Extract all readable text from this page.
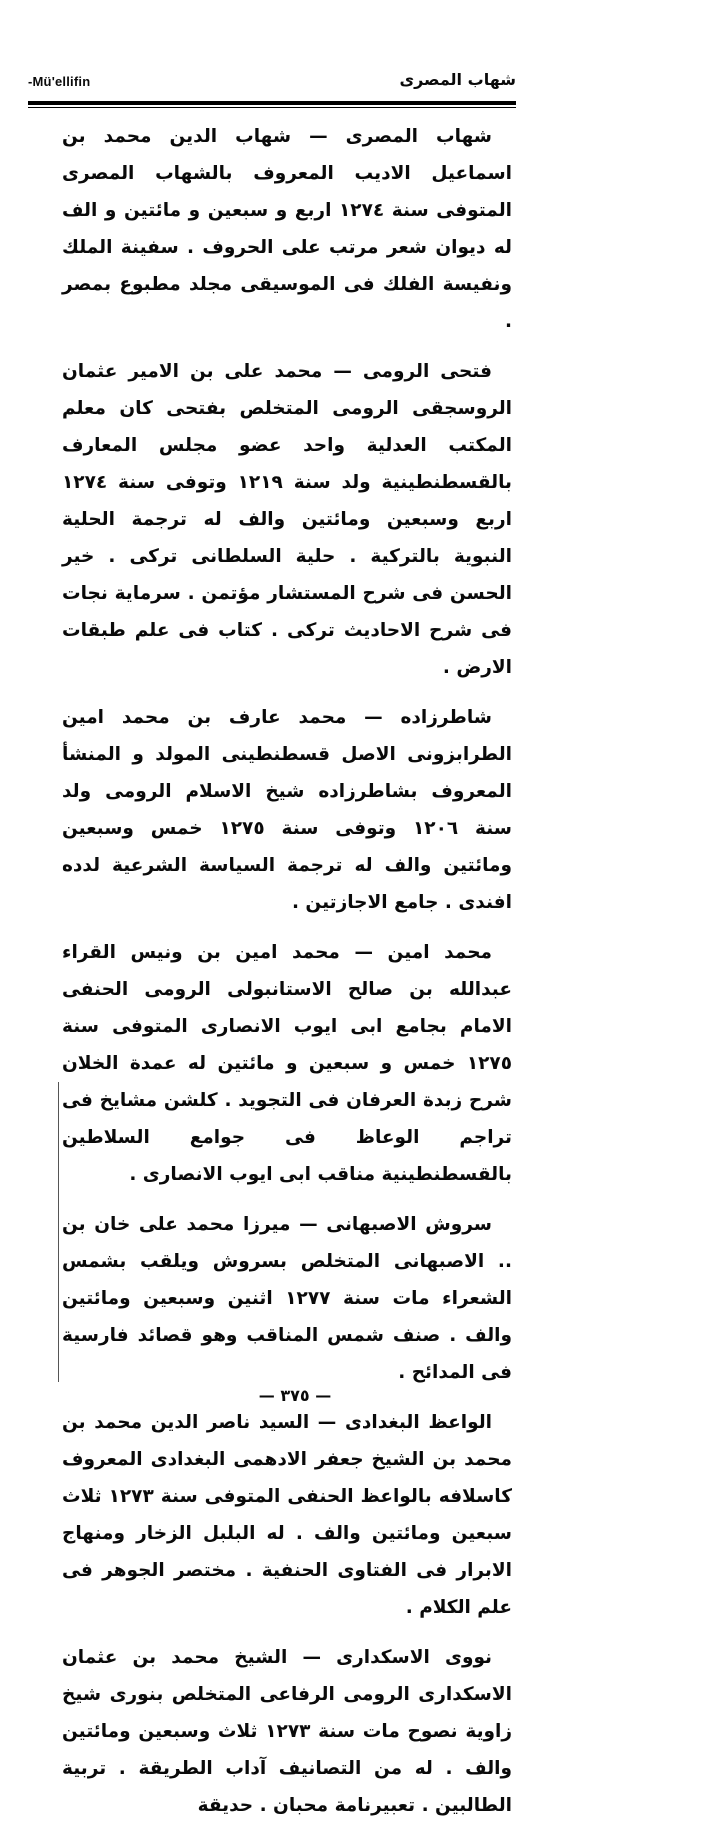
-Mü'ellifin	شهاب المصرى

شهاب المصرى — شهاب الدين محمد بن اسماعيل الاديب المعروف بالشهاب المصرى المتوفى سنة ١٢٧٤ اربع و سبعين و مائتين و الف له ديوان شعر مرتب على الحروف . سفينة الملك ونفيسة الفلك فى الموسيقى مجلد مطبوع بمصر .

فتحى الرومى — محمد على بن الامير عثمان الروسجقى الرومى المتخلص بفتحى كان معلم المكتب العدلية واحد عضو مجلس المعارف بالقسطنطينية ولد سنة ١٢١٩ وتوفى سنة ١٢٧٤ اربع وسبعين ومائتين والف له ترجمة الحلية النبوية بالتركية . حلية السلطانى تركى . خير الحسن فى شرح المستشار مؤتمن . سرماية نجات فى شرح الاحاديث تركى . كتاب فى علم طبقات الارض .

شاطرزاده — محمد عارف بن محمد امين الطرابزونى الاصل قسطنطينى المولد و المنشأ المعروف بشاطرزاده شيخ الاسلام الرومى ولد سنة ١٢٠٦ وتوفى سنة ١٢٧٥ خمس وسبعين ومائتين والف له ترجمة السياسة الشرعية لدده افندى . جامع الاجازتين .

محمد امين — محمد امين بن ونيس القراء عبدالله بن صالح الاستانبولى الرومى الحنفى الامام بجامع ابى ايوب الانصارى المتوفى سنة ١٢٧٥ خمس و سبعين و مائتين له عمدة الخلان شرح زبدة العرفان فى التجويد . كلشن مشايخ فى تراجم الوعاظ فى جوامع السلاطين بالقسطنطينية مناقب ابى ايوب الانصارى .

سروش الاصبهانى — ميرزا محمد على خان بن .. الاصبهانى المتخلص بسروش ويلقب بشمس الشعراء مات سنة ١٢٧٧ اثنين وسبعين ومائتين والف . صنف شمس المناقب وهو قصائد فارسية فى المدائح .

الواعظ البغدادى — السيد ناصر الدين محمد بن محمد بن الشيخ جعفر الادهمى البغدادى المعروف كاسلافه بالواعظ الحنفى المتوفى سنة ١٢٧٣ ثلاث سبعين ومائتين والف . له البلبل الزخار ومنهاج الابرار فى الفتاوى الحنفية . مختصر الجوهر فى علم الكلام .

نووى الاسكدارى — الشيخ محمد بن عثمان الاسكدارى الرومى الرفاعى المتخلص بنورى شيخ زاوية نصوح مات سنة ١٢٧٣ ثلاث وسبعين ومائتين والف . له من التصانيف آداب الطريقة . تربية الطالبين . تعبيرنامة محبان . حديقة

— ٣٧٥ —
